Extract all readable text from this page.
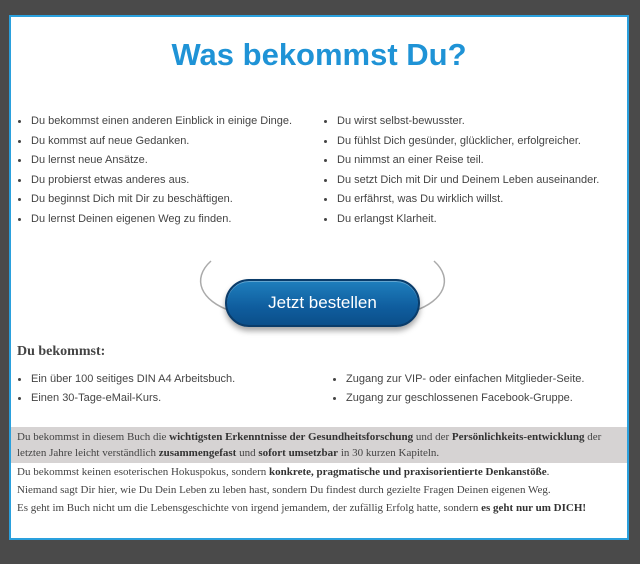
Was bekommst Du?
Du bekommst einen anderen Einblick in einige Dinge.
Du kommst auf neue Gedanken.
Du lernst neue Ansätze.
Du probierst etwas anderes aus.
Du beginnst Dich mit Dir zu beschäftigen.
Du lernst Deinen eigenen Weg zu finden.
Du wirst selbst-bewusster.
Du fühlst Dich gesünder, glücklicher, erfolgreicher.
Du nimmst an einer Reise teil.
Du setzt Dich mit Dir und Deinem Leben auseinander.
Du erfährst, was Du wirklich willst.
Du erlangst Klarheit.
Jetzt bestellen
Du bekommst:
Ein über 100 seitiges DIN A4 Arbeitsbuch.
Einen 30-Tage-eMail-Kurs.
Zugang zur VIP- oder einfachen Mitglieder-Seite.
Zugang zur geschlossenen Facebook-Gruppe.
Du bekommst in diesem Buch die wichtigsten Erkenntnisse der Gesundheitsforschung und der Persönlichkeits-entwicklung der letzten Jahre leicht verständlich zusammengefast und sofort umsetzbar in 30 kurzen Kapiteln.
Du bekommst keinen esoterischen Hokuspokus, sondern konkrete, pragmatische und praxisorientierte Denkanstöße.
Niemand sagt Dir hier, wie Du Dein Leben zu leben hast, sondern Du findest durch gezielte Fragen Deinen eigenen Weg.
Es geht im Buch nicht um die Lebensgeschichte von irgend jemandem, der zufällig Erfolg hatte, sondern es geht nur um DICH!
